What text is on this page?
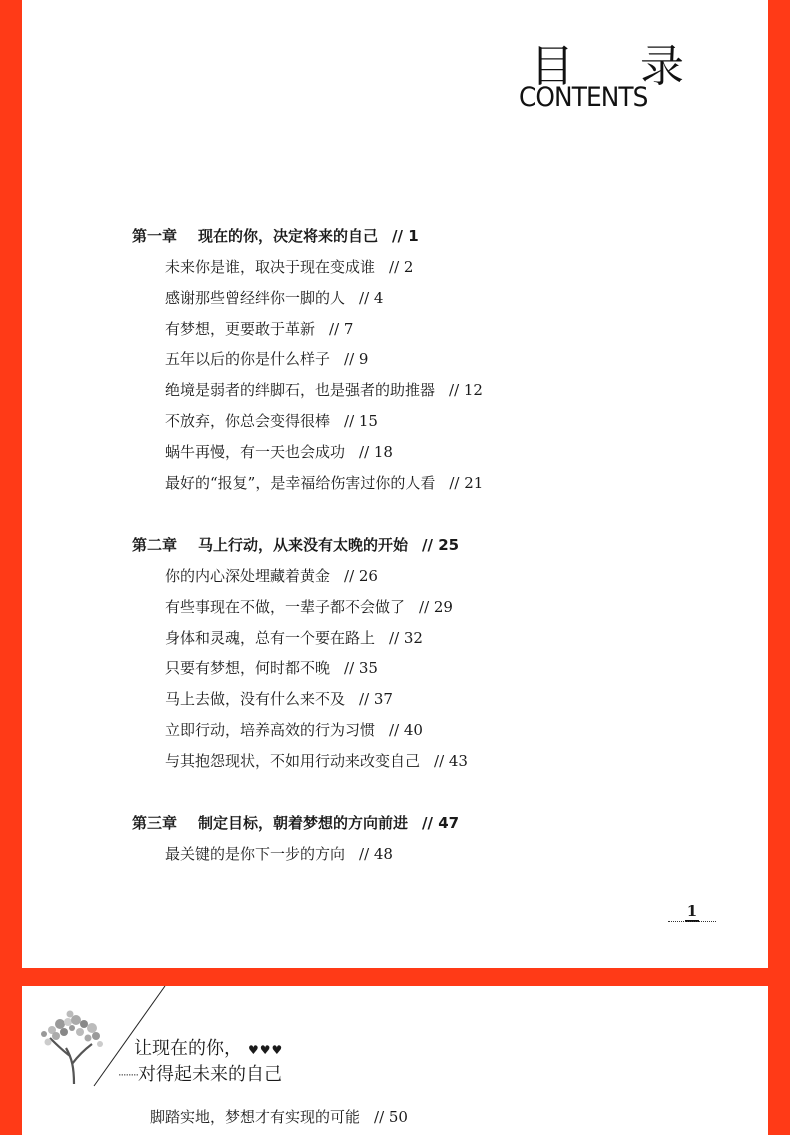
目 录
CONTENTS
第一章 现在的你，决定将来的自己 // 1
未来你是谁，取决于现在变成谁 // 2
感谢那些曾经绊你一脚的人 // 4
有梦想，更要敢于革新 // 7
五年以后的你是什么样子 // 9
绝境是弱者的绊脚石，也是强者的助推器 // 12
不放弃，你总会变得很棒 // 15
蜗牛再慢，有一天也会成功 // 18
最好的“报复”，是幸福给伤害过你的人看 // 21
第二章 马上行动，从来没有太晚的开始 // 25
你的内心深处埋藏着黄金 // 26
有些事现在不做，一辈子都不会做了 // 29
身体和灵魂，总有一个要在路上 // 32
只要有梦想，何时都不晚 // 35
马上去做，没有什么来不及 // 37
立即行动，培养高效的行为习惯 // 40
与其抱怨现状，不如用行动来改变自己 // 43
第三章 制定目标，朝着梦想的方向前进 // 47
最关键的是你下一步的方向 // 48
1
让现在的你， ♥♥♥
········对得起未来的自己
脚踏实地，梦想才有实现的可能 // 50
